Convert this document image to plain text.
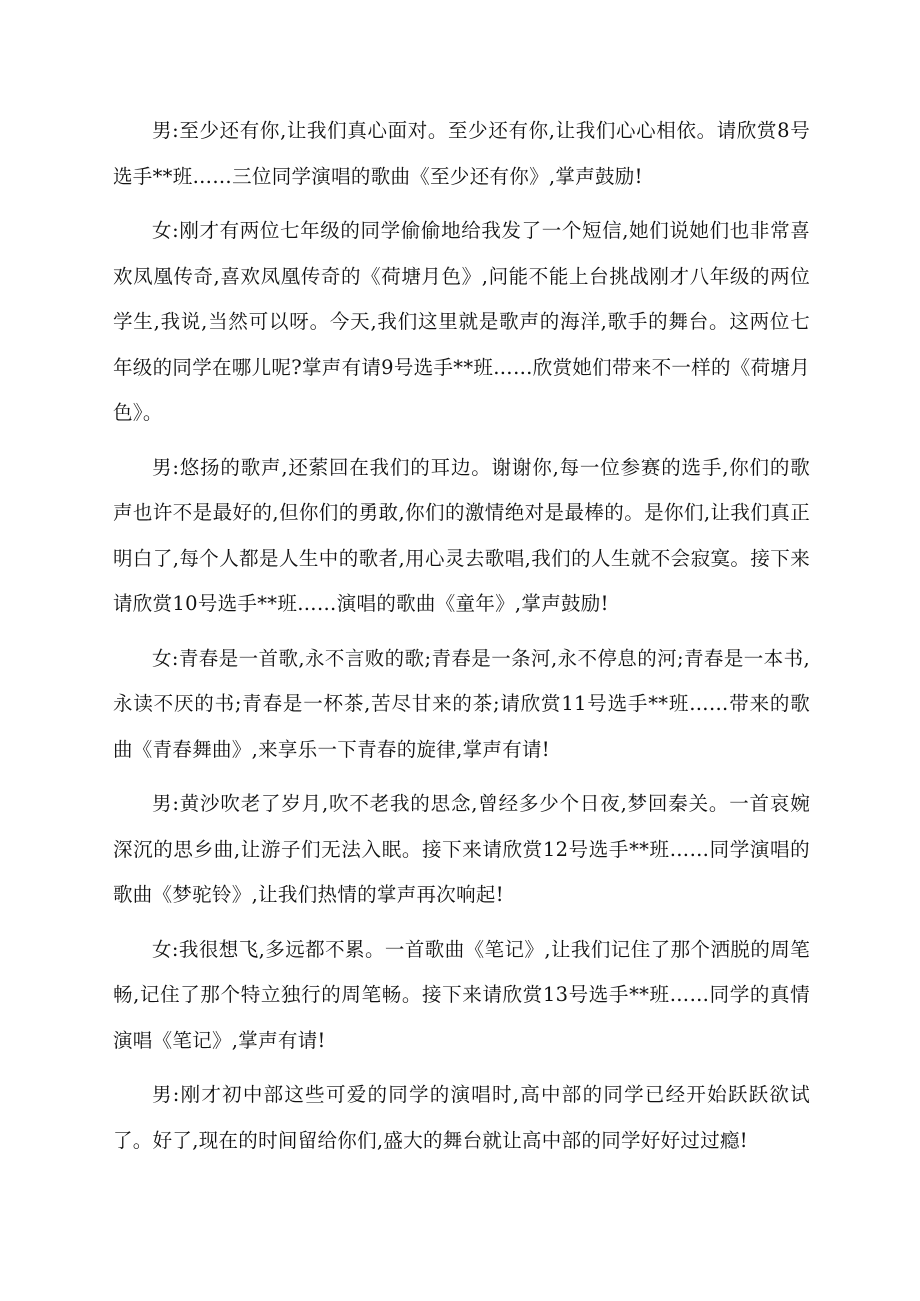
男:至少还有你,让我们真心面对。至少还有你,让我们心心相依。请欣赏8号选手**班……三位同学演唱的歌曲《至少还有你》,掌声鼓励!

女:刚才有两位七年级的同学偷偷地给我发了一个短信,她们说她们也非常喜欢凤凰传奇,喜欢凤凰传奇的《荷塘月色》,问能不能上台挑战刚才八年级的两位学生,我说,当然可以呀。今天,我们这里就是歌声的海洋,歌手的舞台。这两位七年级的同学在哪儿呢?掌声有请9号选手**班……欣赏她们带来不一样的《荷塘月色》。

男:悠扬的歌声,还萦回在我们的耳边。谢谢你,每一位参赛的选手,你们的歌声也许不是最好的,但你们的勇敢,你们的激情绝对是最棒的。是你们,让我们真正明白了,每个人都是人生中的歌者,用心灵去歌唱,我们的人生就不会寂寞。接下来请欣赏10号选手**班……演唱的歌曲《童年》,掌声鼓励!

女:青春是一首歌,永不言败的歌;青春是一条河,永不停息的河;青春是一本书,永读不厌的书;青春是一杯茶,苦尽甘来的茶;请欣赏11号选手**班……带来的歌曲《青春舞曲》,来享乐一下青春的旋律,掌声有请!

男:黄沙吹老了岁月,吹不老我的思念,曾经多少个日夜,梦回秦关。一首哀婉深沉的思乡曲,让游子们无法入眠。接下来请欣赏12号选手**班……同学演唱的歌曲《梦驼铃》,让我们热情的掌声再次响起!

女:我很想飞,多远都不累。一首歌曲《笔记》,让我们记住了那个洒脱的周笔畅,记住了那个特立独行的周笔畅。接下来请欣赏13号选手**班……同学的真情演唱《笔记》,掌声有请!

男:刚才初中部这些可爱的同学的演唱时,高中部的同学已经开始跃跃欲试了。好了,现在的时间留给你们,盛大的舞台就让高中部的同学好好过过瘾!
